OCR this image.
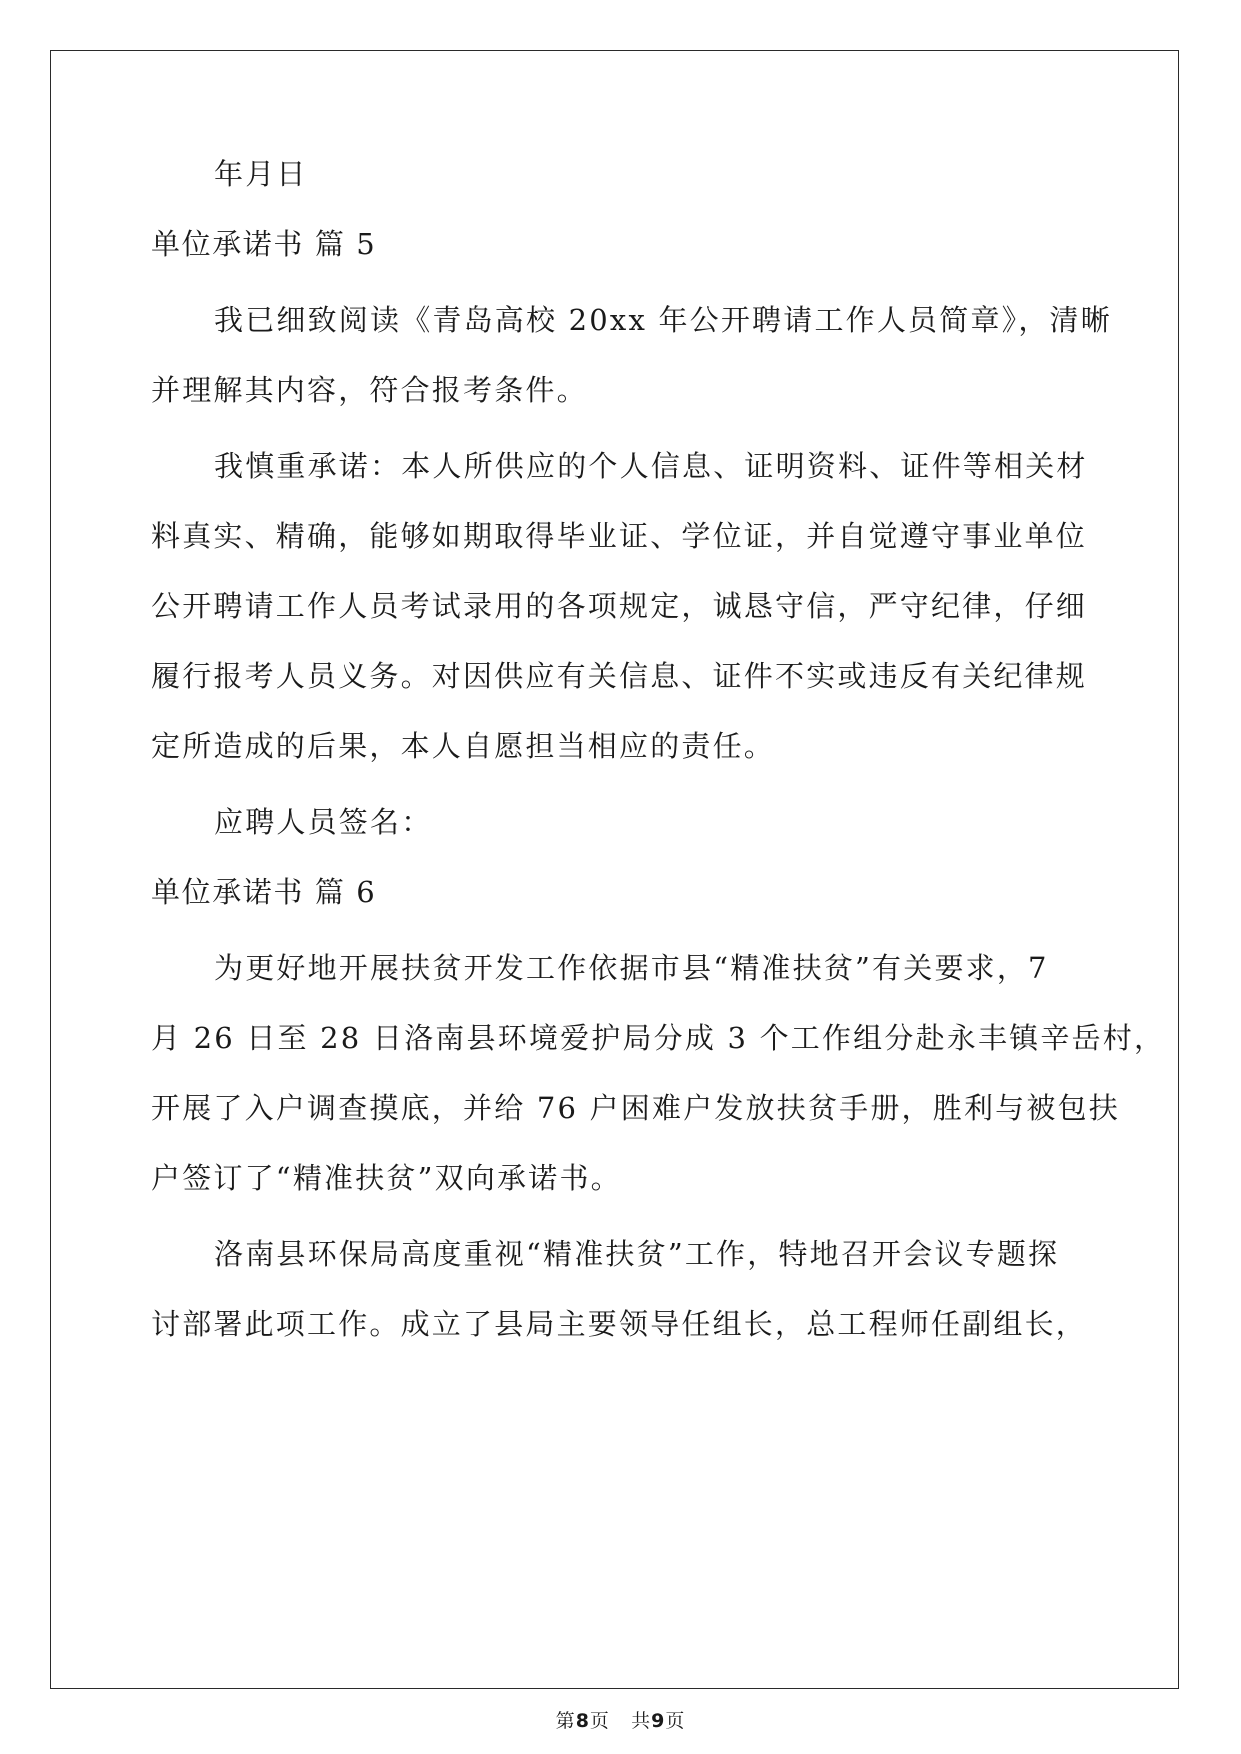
年月日
单位承诺书 篇 5
我已细致阅读《青岛高校 20xx 年公开聘请工作人员简章》，清晰
并理解其内容，符合报考条件。
我慎重承诺：本人所供应的个人信息、证明资料、证件等相关材
料真实、精确，能够如期取得毕业证、学位证，并自觉遵守事业单位
公开聘请工作人员考试录用的各项规定，诚恳守信，严守纪律，仔细
履行报考人员义务。对因供应有关信息、证件不实或违反有关纪律规
定所造成的后果，本人自愿担当相应的责任。
应聘人员签名：
单位承诺书 篇 6
为更好地开展扶贫开发工作依据市县“精准扶贫”有关要求，7
月 26 日至 28 日洛南县环境爱护局分成 3 个工作组分赴永丰镇辛岳村，
开展了入户调查摸底，并给 76 户困难户发放扶贫手册，胜利与被包扶
户签订了“精准扶贫”双向承诺书。
洛南县环保局高度重视“精准扶贫”工作，特地召开会议专题探
讨部署此项工作。成立了县局主要领导任组长，总工程师任副组长，
第8页 共9页
